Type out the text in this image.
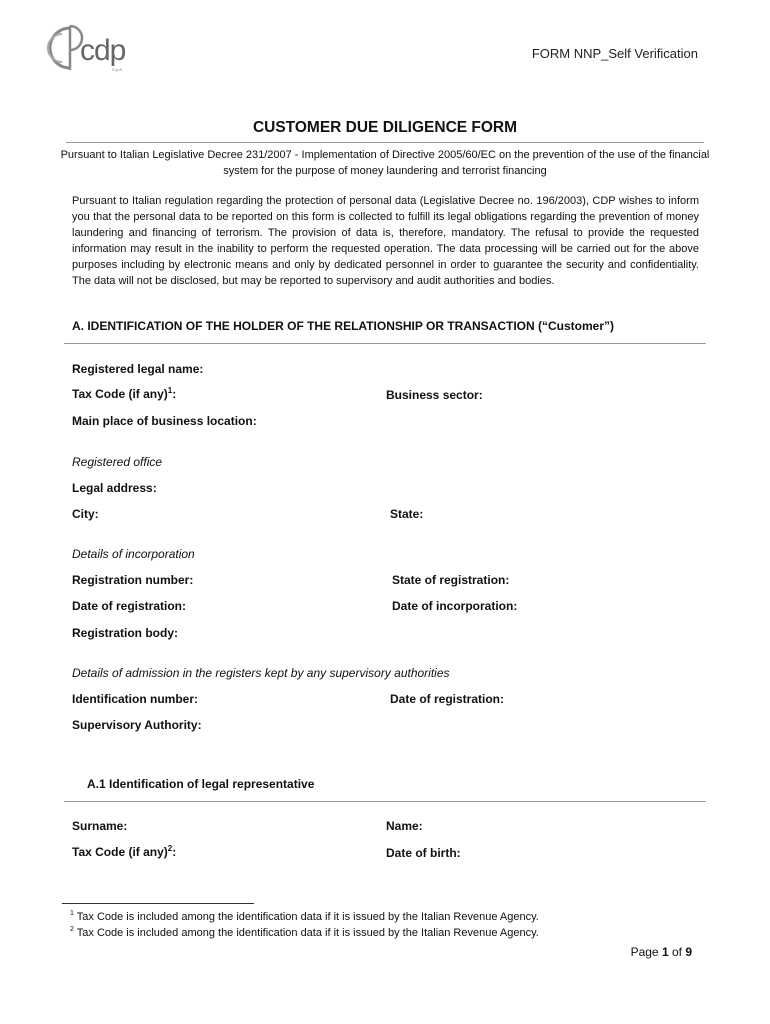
cdp
S.p.A.
FORM NNP_Self Verification
CUSTOMER DUE DILIGENCE FORM
Pursuant to Italian Legislative Decree 231/2007 - Implementation of Directive 2005/60/EC on the prevention of the use of the financial system for the purpose of money laundering and terrorist financing
Pursuant to Italian regulation regarding the protection of personal data (Legislative Decree no. 196/2003), CDP wishes to inform you that the personal data to be reported on this form is collected to fulfill its legal obligations regarding the prevention of money laundering and financing of terrorism. The provision of data is, therefore, mandatory. The refusal to provide the requested information may result in the inability to perform the requested operation. The data processing will be carried out for the above purposes including by electronic means and only by dedicated personnel in order to guarantee the security and confidentiality. The data will not be disclosed, but may be reported to supervisory and audit authorities and bodies.
A. IDENTIFICATION OF THE HOLDER OF THE RELATIONSHIP OR TRANSACTION (“Customer”)
Registered legal name:
Tax Code (if any)$^1$:	Business sector:
Main place of business location:
Registered office
Legal address:
City:	State:
Details of incorporation
Registration number:	State of registration:
Date of registration:	Date of incorporation:
Registration body:
Details of admission in the registers kept by any supervisory authorities
Identification number:	Date of registration:
Supervisory Authority:
A.1 Identification of legal representative
Surname:	Name:
Tax Code (if any)$^2$:	Date of birth:
$^1$ Tax Code is included among the identification data if it is issued by the Italian Revenue Agency.
$^2$ Tax Code is included among the identification data if it is issued by the Italian Revenue Agency.
Page 1 of 9
